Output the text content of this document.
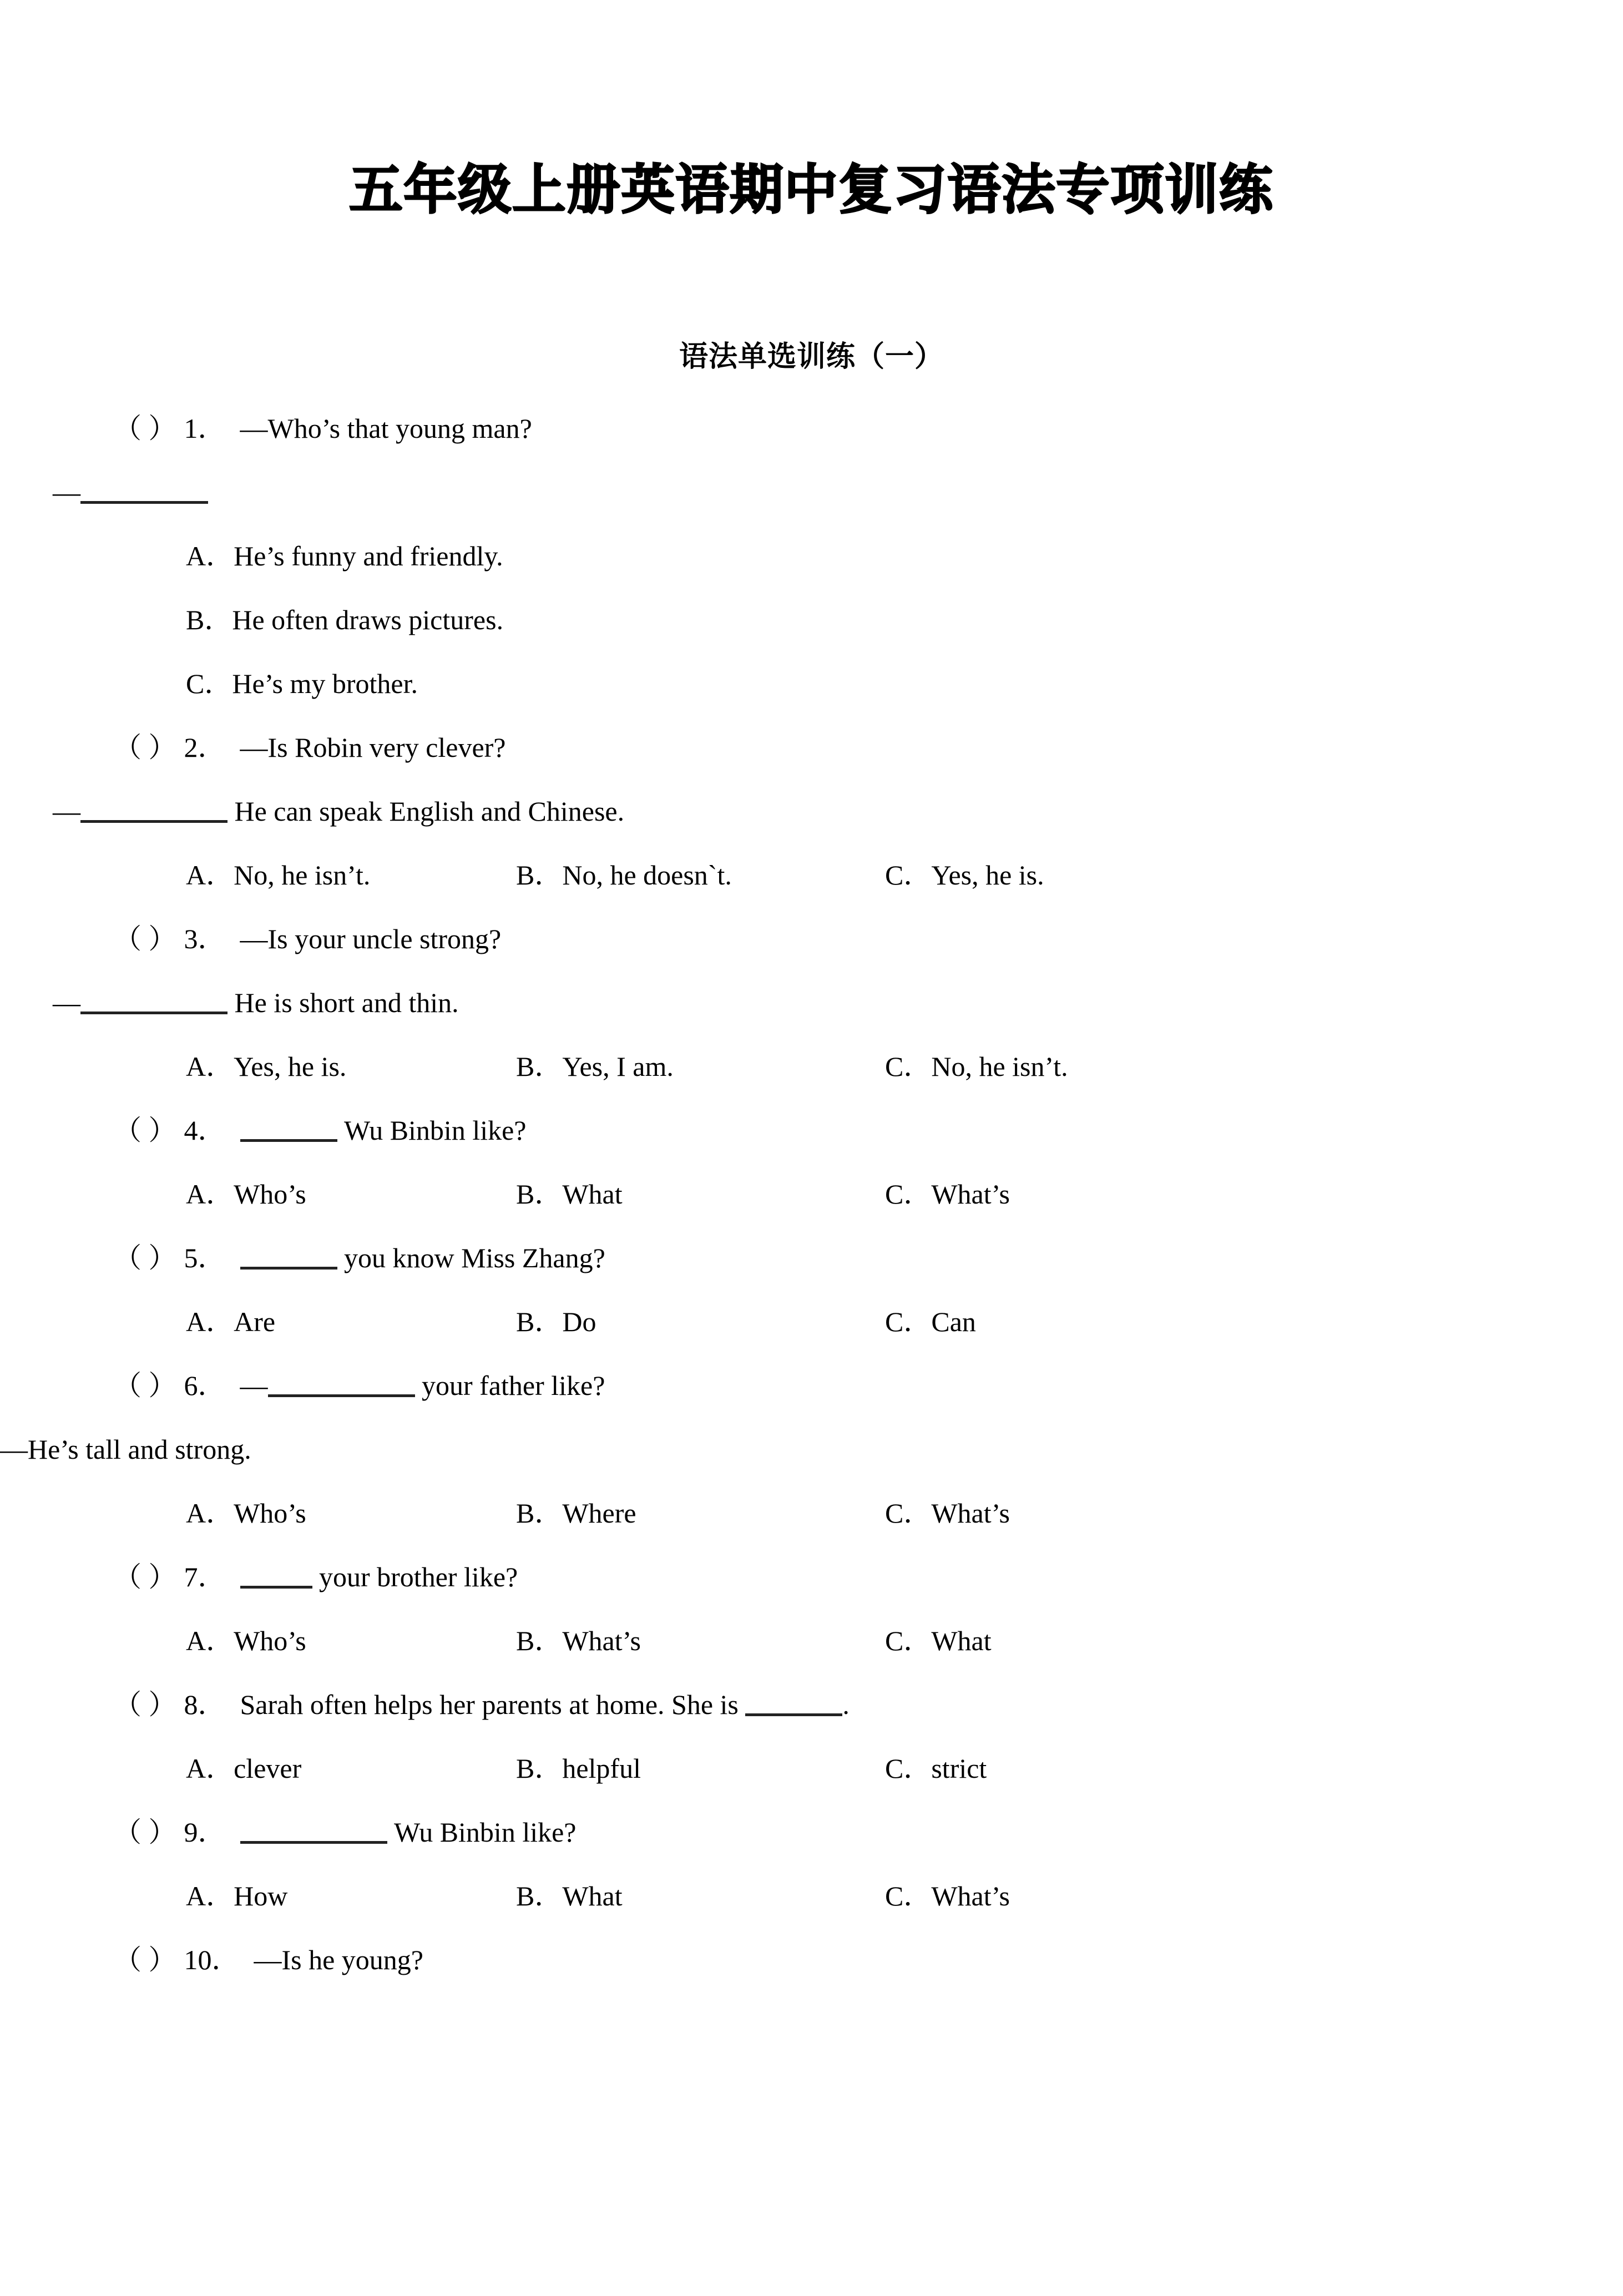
五年级上册英语期中复习语法专项训练
语法单选训练（一）
（ ） 1． —Who’s that young man?
—
A．He’s funny and friendly.
B．He often draws pictures.
C．He’s my brother.
（ ） 2． —Is Robin very clever?
—	He can speak English and Chinese.
A．No, he isn’t.	B．No, he doesn`t.	C．Yes, he is.
（ ） 3． —Is your uncle strong?
—	He is short and thin.
A．Yes, he is.	B．Yes, I am.	C．No, he isn’t.
（ ） 4．	Wu Binbin like?
A．Who’s	B．What	C．What’s
（ ） 5．	you know Miss Zhang?
A．Are	B．Do	C．Can
（ ） 6． —	your father like?
—He’s tall and strong.
A．Who’s	B．Where	C．What’s
（ ） 7．	your brother like?
A．Who’s	B．What’s	C．What
（ ） 8． Sarah often helps her parents at home. She is	.
A．clever	B．helpful	C．strict
（ ） 9．	Wu Binbin like?
A．How	B．What	C．What’s
（ ） 10． —Is he young?
